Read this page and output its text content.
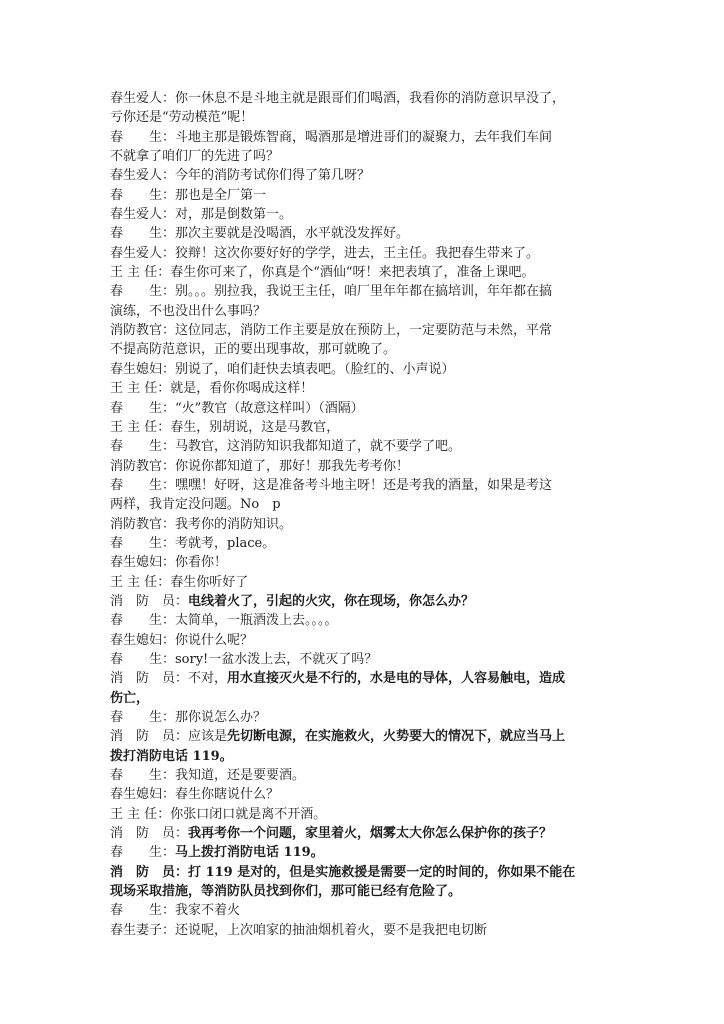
春生爱人：你一休息不是斗地主就是跟哥们们喝酒，我看你的消防意识早没了，
亏你还是“劳动模范”呢！
春　　生：斗地主那是锻炼智商，喝酒那是增进哥们的凝聚力，去年我们车间
不就拿了咱们厂的先进了吗？
春生爱人：今年的消防考试你们得了第几呀？
春　　生：那也是全厂第一
春生爱人：对，那是倒数第一。
春　　生：那次主要就是没喝酒，水平就没发挥好。
春生爱人：狡辩！这次你要好好的学学，进去，王主任。我把春生带来了。
王 主 任：春生你可来了，你真是个“酒仙“呀！来把表填了，准备上课吧。
春　　生：别。。。别拉我，我说王主任，咱厂里年年都在搞培训，年年都在搞
演练，不也没出什么事吗？
消防教官：这位同志，消防工作主要是放在预防上，一定要防范与未然，平常
不提高防范意识，正的要出现事故，那可就晚了。
春生媳妇：别说了，咱们赶快去填表吧。（脸红的、小声说）
王 主 任：就是，看你你喝成这样！
春　　生：“火”教官（故意这样叫）（酒隔）
王 主 任：春生，别胡说，这是马教官，
春　　生：马教官，这消防知识我都知道了，就不要学了吧。
消防教官：你说你都知道了，那好！那我先考考你！
春　　生：嘿嘿！好呀，这是准备考斗地主呀！还是考我的酒量，如果是考这
两样，我肯定没问题。No　p
消防教官：我考你的消防知识。
春　　生：考就考，place。
春生媳妇：你看你！
王 主 任：春生你听好了
消　防　员：电线着火了，引起的火灾，你在现场，你怎么办？
春　　生：太简单，一瓶酒泼上去。。。。
春生媳妇：你说什么呢？
春　　生：sory!一盆水泼上去，不就灭了吗？
消　防　员：不对，用水直接灭火是不行的，水是电的导体，人容易触电，造成
伤亡，
春　　生：那你说怎么办？
消　防　员：应该是先切断电源，在实施救火，火势要大的情况下，就应当马上
拨打消防电话 119。
春　　生：我知道，还是要要酒。
春生媳妇：春生你瞎说什么？
王 主 任：你张口闭口就是离不开酒。
消　防　员：我再考你一个问题，家里着火，烟雾太大你怎么保护你的孩子？
春　　生：马上拨打消防电话 119。
消　防　员：打 119 是对的，但是实施救援是需要一定的时间的，你如果不能在
现场采取措施，等消防队员找到你们，那可能已经有危险了。
春　　生：我家不着火
春生妻子：还说呢，上次咱家的抽油烟机着火，要不是我把电切断
